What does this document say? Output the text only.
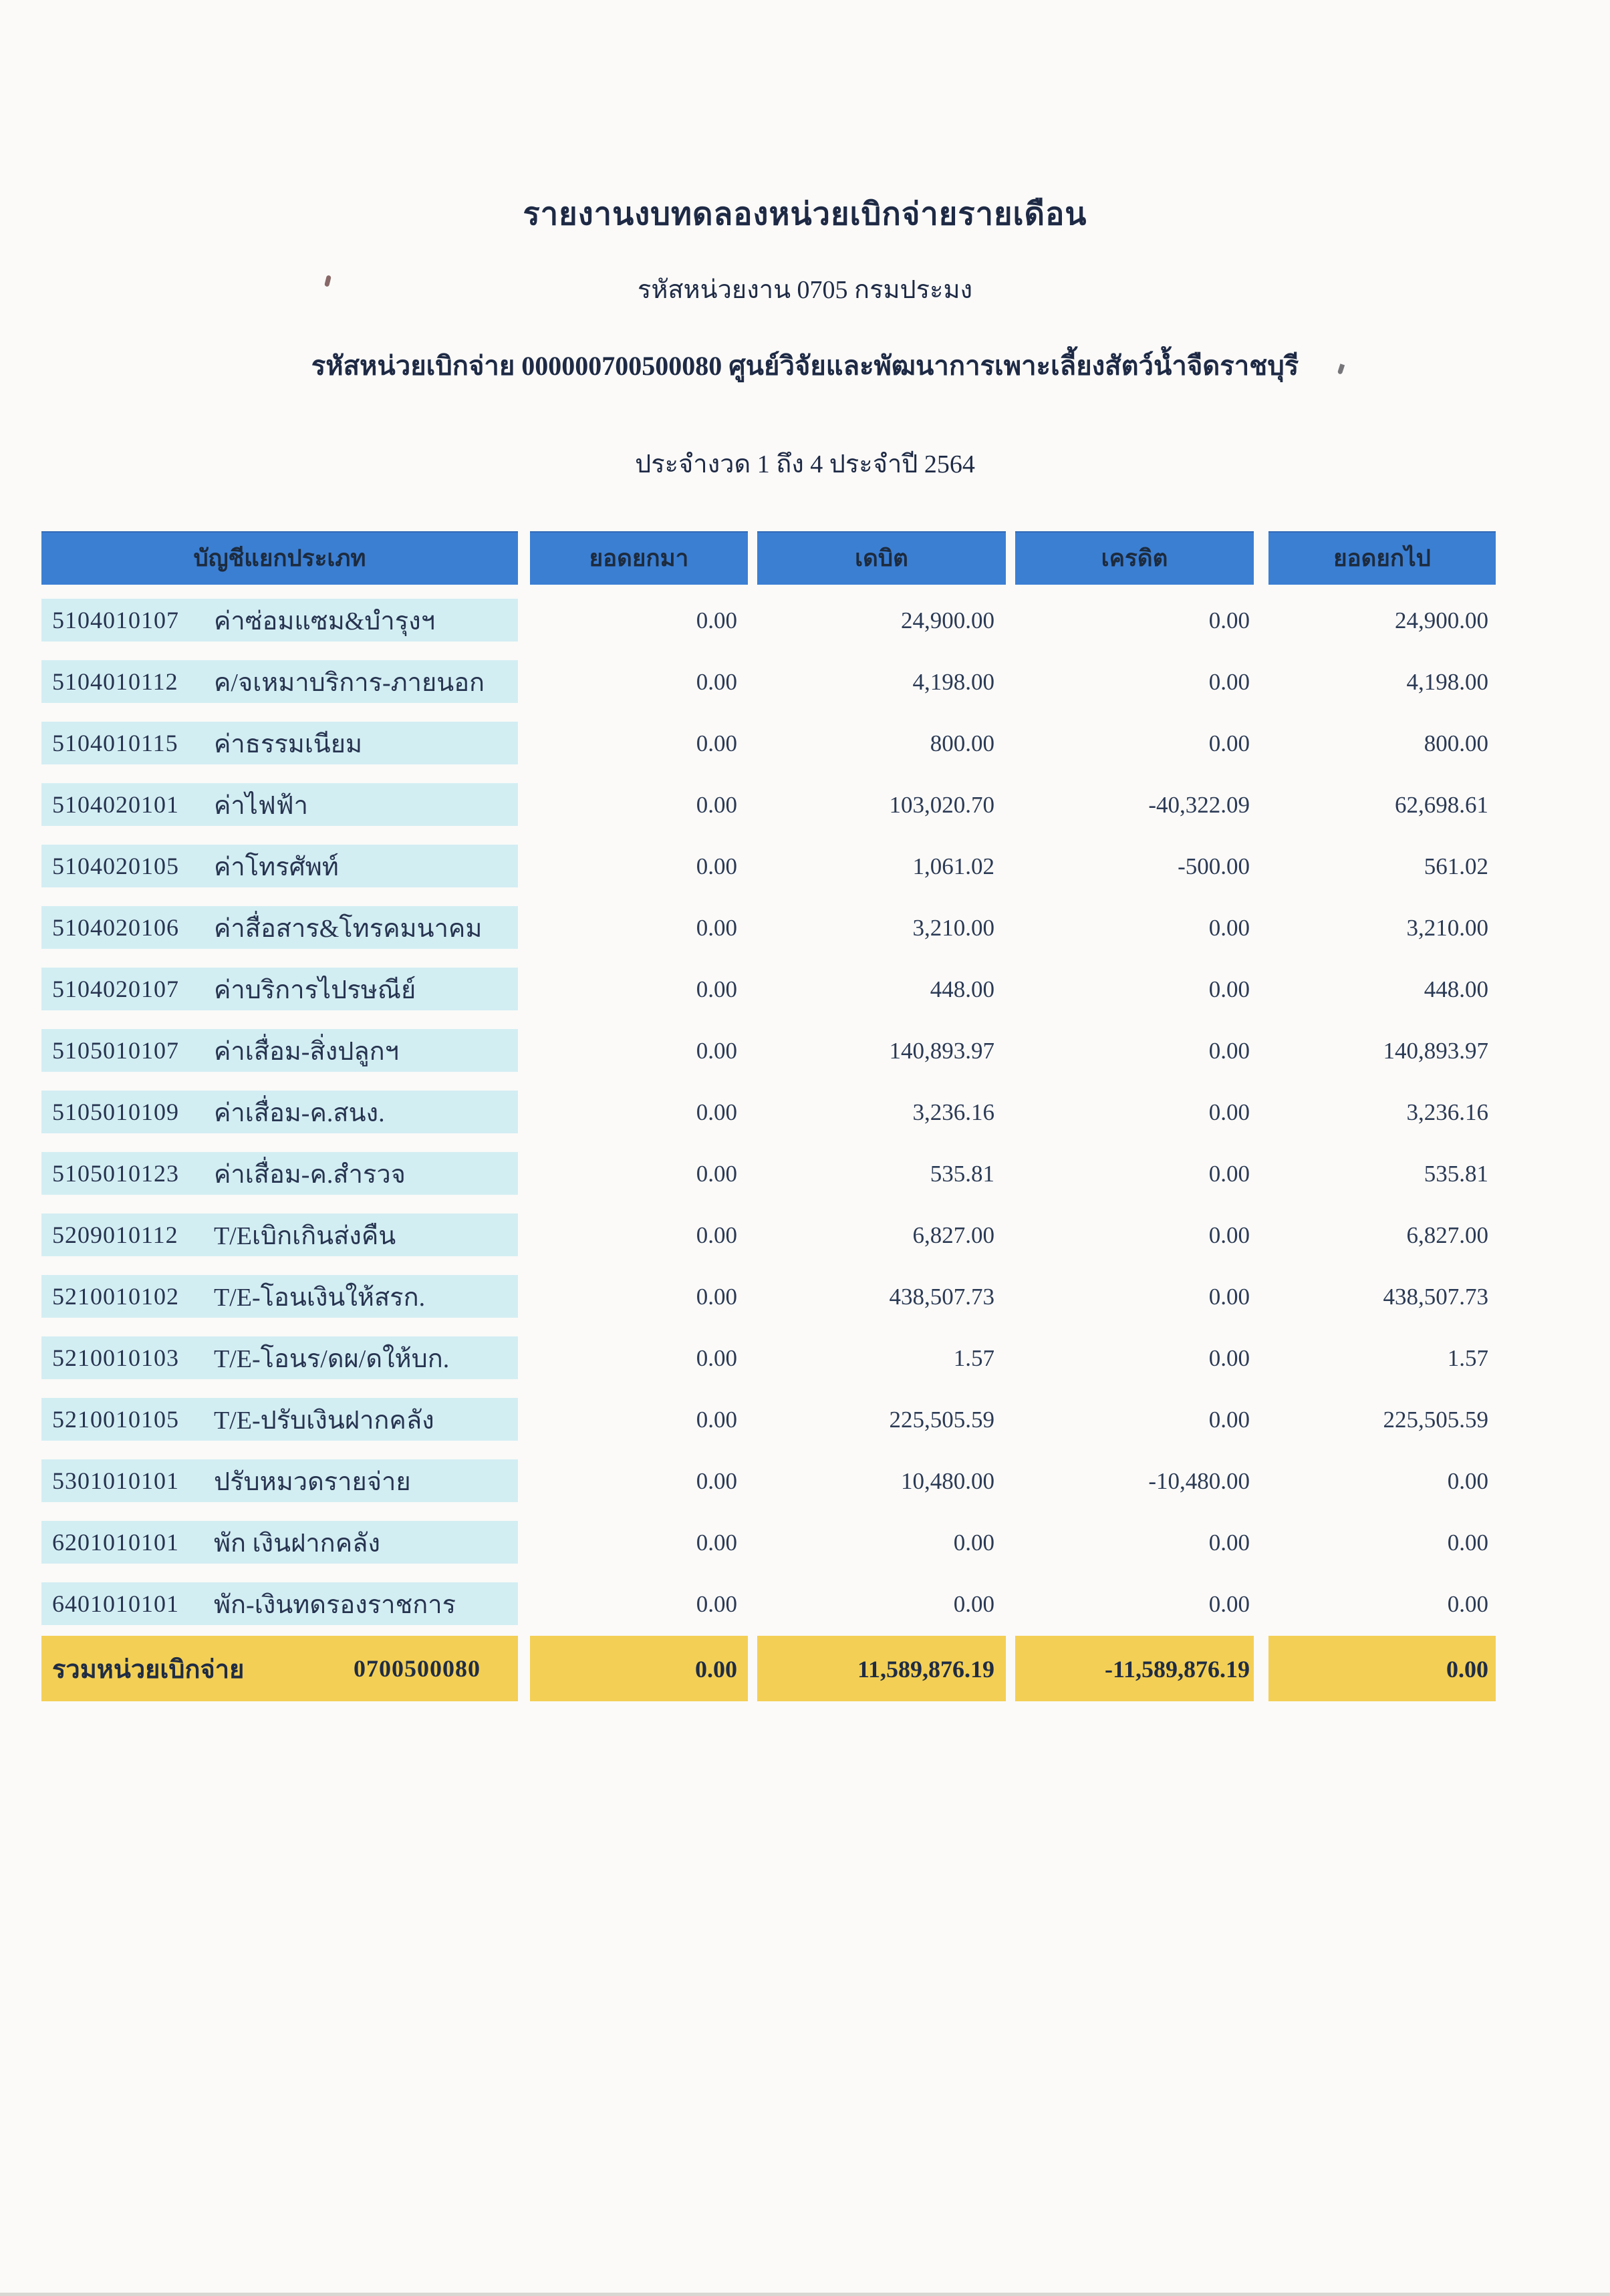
รายงานงบทดลองหน่วยเบิกจ่ายรายเดือน
รหัสหน่วยงาน 0705 กรมประมง
รหัสหน่วยเบิกจ่าย 000000700500080 ศูนย์วิจัยและพัฒนาการเพาะเลี้ยงสัตว์น้ำจืดราชบุรี
ประจำงวด 1 ถึง 4 ประจำปี 2564
บัญชีแยกประเภท	ยอดยกมา	เดบิต	เครดิต	ยอดยกไป
5104010107	ค่าซ่อมแซม&บำรุงฯ	0.00	24,900.00	0.00	24,900.00
5104010112	ค/จเหมาบริการ-ภายนอก	0.00	4,198.00	0.00	4,198.00
5104010115	ค่าธรรมเนียม	0.00	800.00	0.00	800.00
5104020101	ค่าไฟฟ้า	0.00	103,020.70	-40,322.09	62,698.61
5104020105	ค่าโทรศัพท์	0.00	1,061.02	-500.00	561.02
5104020106	ค่าสื่อสาร&โทรคมนาคม	0.00	3,210.00	0.00	3,210.00
5104020107	ค่าบริการไปรษณีย์	0.00	448.00	0.00	448.00
5105010107	ค่าเสื่อม-สิ่งปลูกฯ	0.00	140,893.97	0.00	140,893.97
5105010109	ค่าเสื่อม-ค.สนง.	0.00	3,236.16	0.00	3,236.16
5105010123	ค่าเสื่อม-ค.สำรวจ	0.00	535.81	0.00	535.81
5209010112	T/Eเบิกเกินส่งคืน	0.00	6,827.00	0.00	6,827.00
5210010102	T/E-โอนเงินให้สรก.	0.00	438,507.73	0.00	438,507.73
5210010103	T/E-โอนร/ดผ/ดให้บก.	0.00	1.57	0.00	1.57
5210010105	T/E-ปรับเงินฝากคลัง	0.00	225,505.59	0.00	225,505.59
5301010101	ปรับหมวดรายจ่าย	0.00	10,480.00	-10,480.00	0.00
6201010101	พัก เงินฝากคลัง	0.00	0.00	0.00	0.00
6401010101	พัก-เงินทดรองราชการ	0.00	0.00	0.00	0.00
รวมหน่วยเบิกจ่าย	0700500080	0.00	11,589,876.19	-11,589,876.19	0.00
